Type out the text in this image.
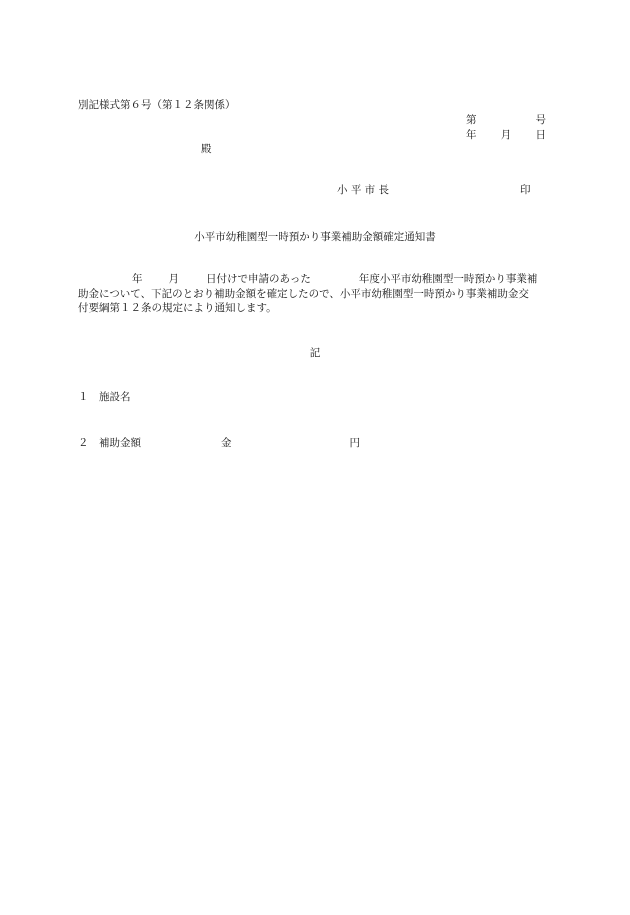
別記様式第６号（第１２条関係）
第	号
年 月 日
殿
小 平 市 長	印
小平市幼稚園型一時預かり事業補助金額確定通知書
年 月	日付けで申請のあった	年度小平市幼稚園型一時預かり事業補
助金について、下記のとおり補助金額を確定したので、小平市幼稚園型一時預かり事業補助金交
付要綱第１２条の規定により通知します。
記
１ 施設名
２ 補助金額	金	円
